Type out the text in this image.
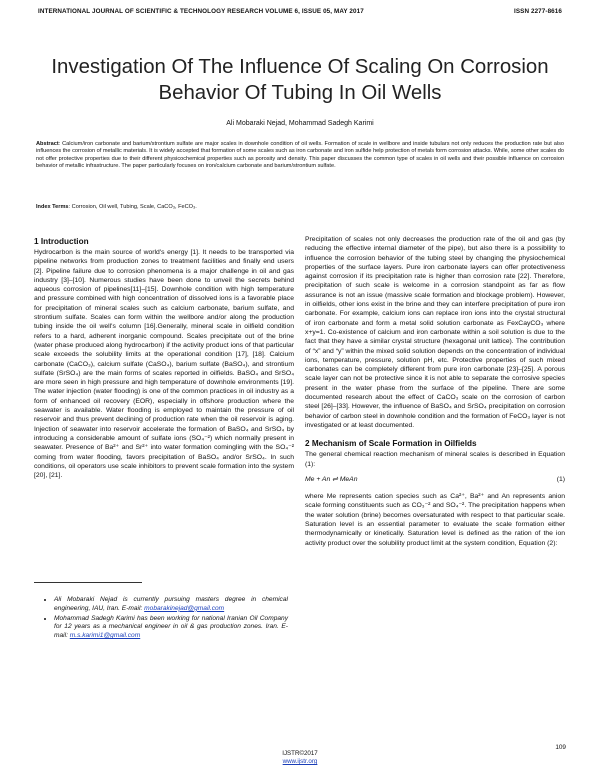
INTERNATIONAL JOURNAL OF SCIENTIFIC & TECHNOLOGY RESEARCH VOLUME 6, ISSUE 05, MAY 2017	ISSN 2277-8616
Investigation Of The Influence Of Scaling On Corrosion Behavior Of Tubing In Oil Wells
Ali Mobaraki Nejad, Mohammad Sadegh Karimi
Abstract: Calcium/iron carbonate and barium/strontium sulfate are major scales in downhole condition of oil wells. Formation of scale in wellbore and inside tubulars not only reduces the production rate but also influences the corrosion of metallic materials. It is widely accepted that formation of some scales such as iron carbonate and iron sulfide help protection of metals form corrosion attacks. While, some other scales do not offer protective properties due to their different physicochemical properties such as porosity and density. This paper discusses the common type of scales in oil wells and their possible influence on corrosion behavior of metallic infrastructure. The paper particularly focuses on iron/calcium carbonate and barium/strontium sulfate.
Index Terms: Corrosion, Oil well, Tubing, Scale, CaCO₃, FeCO₃.
1 Introduction

Hydrocarbon is the main source of world's energy [1]. It needs to be transported via pipeline networks from production zones to treatment facilities and finally end users [2]. Pipeline failure due to corrosion phenomena is a major challenge in oil and gas industry [3]–[10]. Numerous studies have been done to unveil the secrets behind aqueous corrosion of pipelines[11]–[15]. Downhole condition with high temperature and pressure combined with high concentration of dissolved ions is a favorable place for precipitation of mineral scales such as calcium carbonate, barium sulfate, and strontium sulfate. Scales can form within the wellbore and/or along the production tubing inside the oil well's column [16].Generally, mineral scale in oilfield condition refers to a hard, adherent inorganic compound. Scales precipitate out of the brine (water phase produced along hydrocarbon) if the activity product ions of that particular scale exceeds the solubility limits at the operational condition [17], [18]. Calcium carbonate (CaCO₃), calcium sulfate (CaSO₄), barium sulfate (BaSO₄), and strontium sulfate (SrSO₄) are the main forms of scales reported in oilfields. BaSO₄ and SrSO₄ are more seen in high pressure and high temperature of downhole environments [19]. The water injection (water flooding) is one of the common practices in oil industry as a form of enhanced oil recovery (EOR), especially in offshore production where the seawater is available. Water flooding is employed to maintain the pressure of oil reservoir and thus prevent declining of production rate when the oil reservoir is aging. Injection of seawater into reservoir accelerate the formation of BaSO₄ and SrSO₄ by introducing a considerable amount of sulfate ions (SO₄⁻²) which normally present in seawater. Presence of Ba²⁺ and Sr²⁺ into water formation comingling with the SO₄⁻² coming from water flooding, favors precipitation of BaSO₄ and/or SrSO₄. In such conditions, oil operators use scale inhibitors to prevent scale formation into the system [20], [21].

Precipitation of scales not only decreases the production rate of the oil and gas (by reducing the effective internal diameter of the pipe), but also there is a possibility to influence the corrosion behavior of the tubing steel by changing the physiochemical properties of the surface layers. Pure iron carbonate layers can offer protectiveness against corrosion if its precipitation rate is higher than corrosion rate [22]. Therefore, precipitation of such scale is welcome in a corrosion standpoint as far as flow assurance is not an issue (massive scale formation and blockage problem). However, in oilfields, other ions exist in the brine and they can interfere precipitation of pure iron carbonate. For example, calcium ions can replace iron ions into the crystal structural of iron carbonate and form a metal solid solution carbonate as FexCayCO₃ where x+y=1. Co-existence of calcium and iron carbonate within a soil solution is due to the fact that they have a similar crystal structure (hexagonal unit lattice). The contribution of “x” and “y” within the mixed solid solution depends on the concentration of individual ions, temperature, pressure, solution pH, etc. Protective properties of such mixed carbonates can be completely different from pure iron carbonate [23]–[25]. A porous scale layer can not be protective since it is not able to separate the corrosive species present in the water phase from the surface of the pipeline. There are some documented research about the effect of CaCO₃ scale on the corrosion of carbon steel [26]–[33]. However, the influence of BaSO₄ and SrSO₄ precipitation on corrosion behavior of carbon steel in downhole condition and the formation of FeCO₃ layer is not investigated or at least documented.

2 Mechanism of Scale Formation in Oilfields

The general chemical reaction mechanism of mineral scales is described in Equation (1):

Me + An ⇌ MeAn	(1)

where Me represents cation species such as Ca²⁺, Ba²⁺ and An represents anion scale forming constituents such as CO₃⁻² and SO₄⁻². The precipitation happens when the water solution (brine) becomes oversaturated with respect to that particular scale. Saturation level is an essential parameter to evaluate the scale formation either thermodynamically or kinetically. Saturation level is defined as the ration of the ion activity product over the solubility product limit at the system condition, Equation (2):

• Ali Mobaraki Nejad is currently pursuing masters degree in chemical engineering, IAU, Iran. E-mail: mobarakinejad@gmail.com
• Mohammad Sadegh Karimi has been working for national Iranian Oil Company for 12 years as a mechanical engineer in oil & gas production zones. Iran. E-mail: m.s.karimi1@gmail.com
109
IJSTR©2017
www.ijstr.org
